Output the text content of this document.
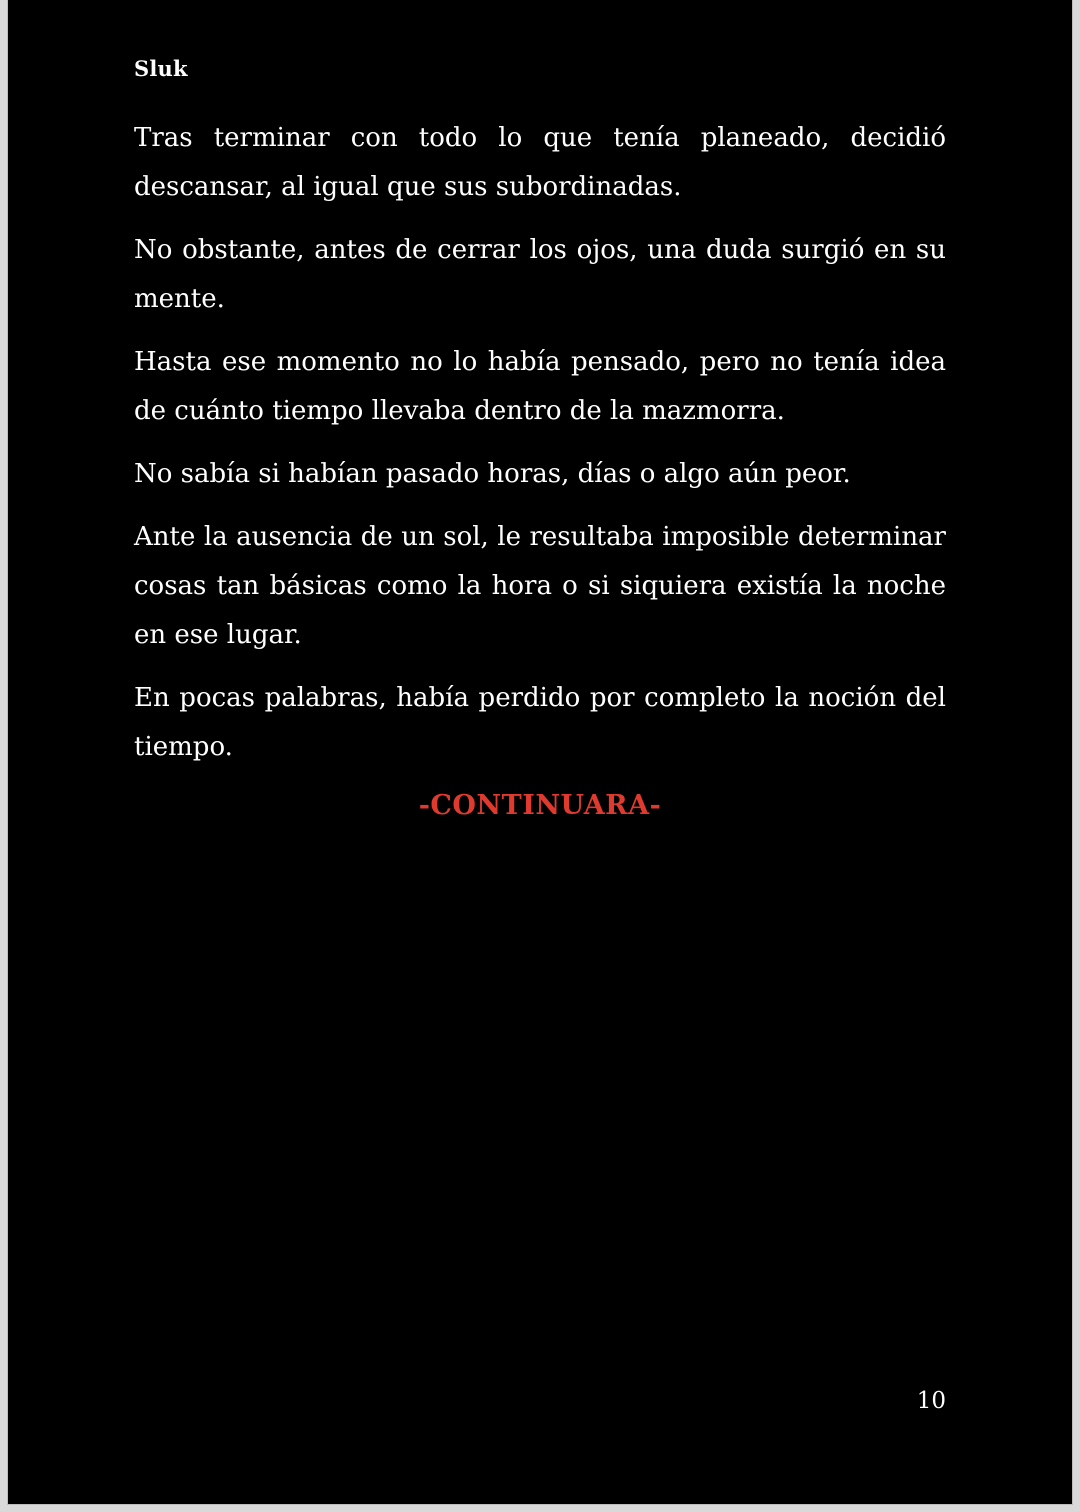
Sluk

Tras terminar con todo lo que tenía planeado, decidió descansar, al igual que sus subordinadas.

No obstante, antes de cerrar los ojos, una duda surgió en su mente.

Hasta ese momento no lo había pensado, pero no tenía idea de cuánto tiempo llevaba dentro de la mazmorra.

No sabía si habían pasado horas, días o algo aún peor.

Ante la ausencia de un sol, le resultaba imposible determinar cosas tan básicas como la hora o si siquiera existía la noche en ese lugar.

En pocas palabras, había perdido por completo la noción del tiempo.

-CONTINUARA-
10
